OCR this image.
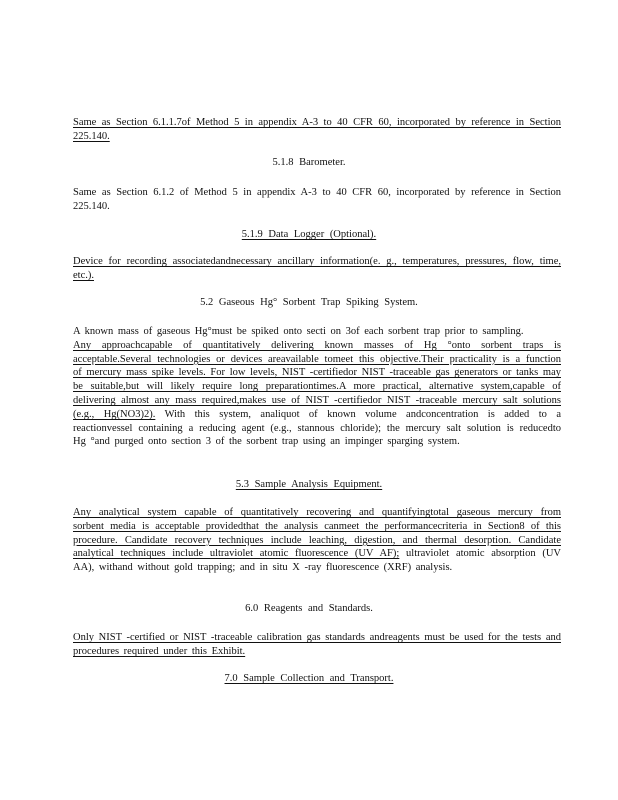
Same as Section 6.1.1.7of Method 5 in appendix A-3 to 40 CFR 60, incorporated by reference in Section 225.140.
5.1.8 Barometer.
Same as Section 6.1.2 of Method 5 in appendix A-3 to 40 CFR 60, incorporated by reference in Section 225.140.
5.1.9 Data Logger (Optional).
Device for recording associatedandnecessary ancillary information(e. g., temperatures, pressures, flow, time, etc.).
5.2 Gaseous Hg° Sorbent Trap Spiking System.
A known mass of gaseous Hg°must be spiked onto secti on 3of each sorbent trap prior to sampling.
Any approachcapable of quantitatively delivering known masses of Hg °onto sorbent traps is acceptable.Several technologies or devices areavailable tomeet this objective.Their practicality is a function of mercury mass spike levels. For low levels, NIST -certifiedor NIST -traceable gas generators or tanks may be suitable,but will likely require long preparationtimes.A more practical, alternative system,capable of delivering almost any mass required,makes use of NIST -certifiedor NIST -traceable mercury salt solutions (e.g., Hg(NO3)2). With this system, analiquot of known volume andconcentration is added to a reactionvessel containing a reducing agent (e.g., stannous chloride); the mercury salt solution is reducedto Hg °and purged onto section 3 of the sorbent trap using an impinger sparging system.
5.3 Sample Analysis Equipment.
Any analytical system capable of quantitatively recovering and quantifyingtotal gaseous mercury from sorbent media is acceptable providedthat the analysis canmeet the performancecriteria in Section8 of this procedure. Candidate recovery techniques include leaching, digestion, and thermal desorption. Candidate analytical techniques include ultraviolet atomic fluorescence (UV AF); ultraviolet atomic absorption (UV AA), withand without gold trapping; and in situ X -ray fluorescence (XRF) analysis.
6.0 Reagents and Standards.
Only NIST -certified or NIST -traceable calibration gas standards andreagents must be used for the tests and procedures required under this Exhibit.
7.0 Sample Collection and Transport.
